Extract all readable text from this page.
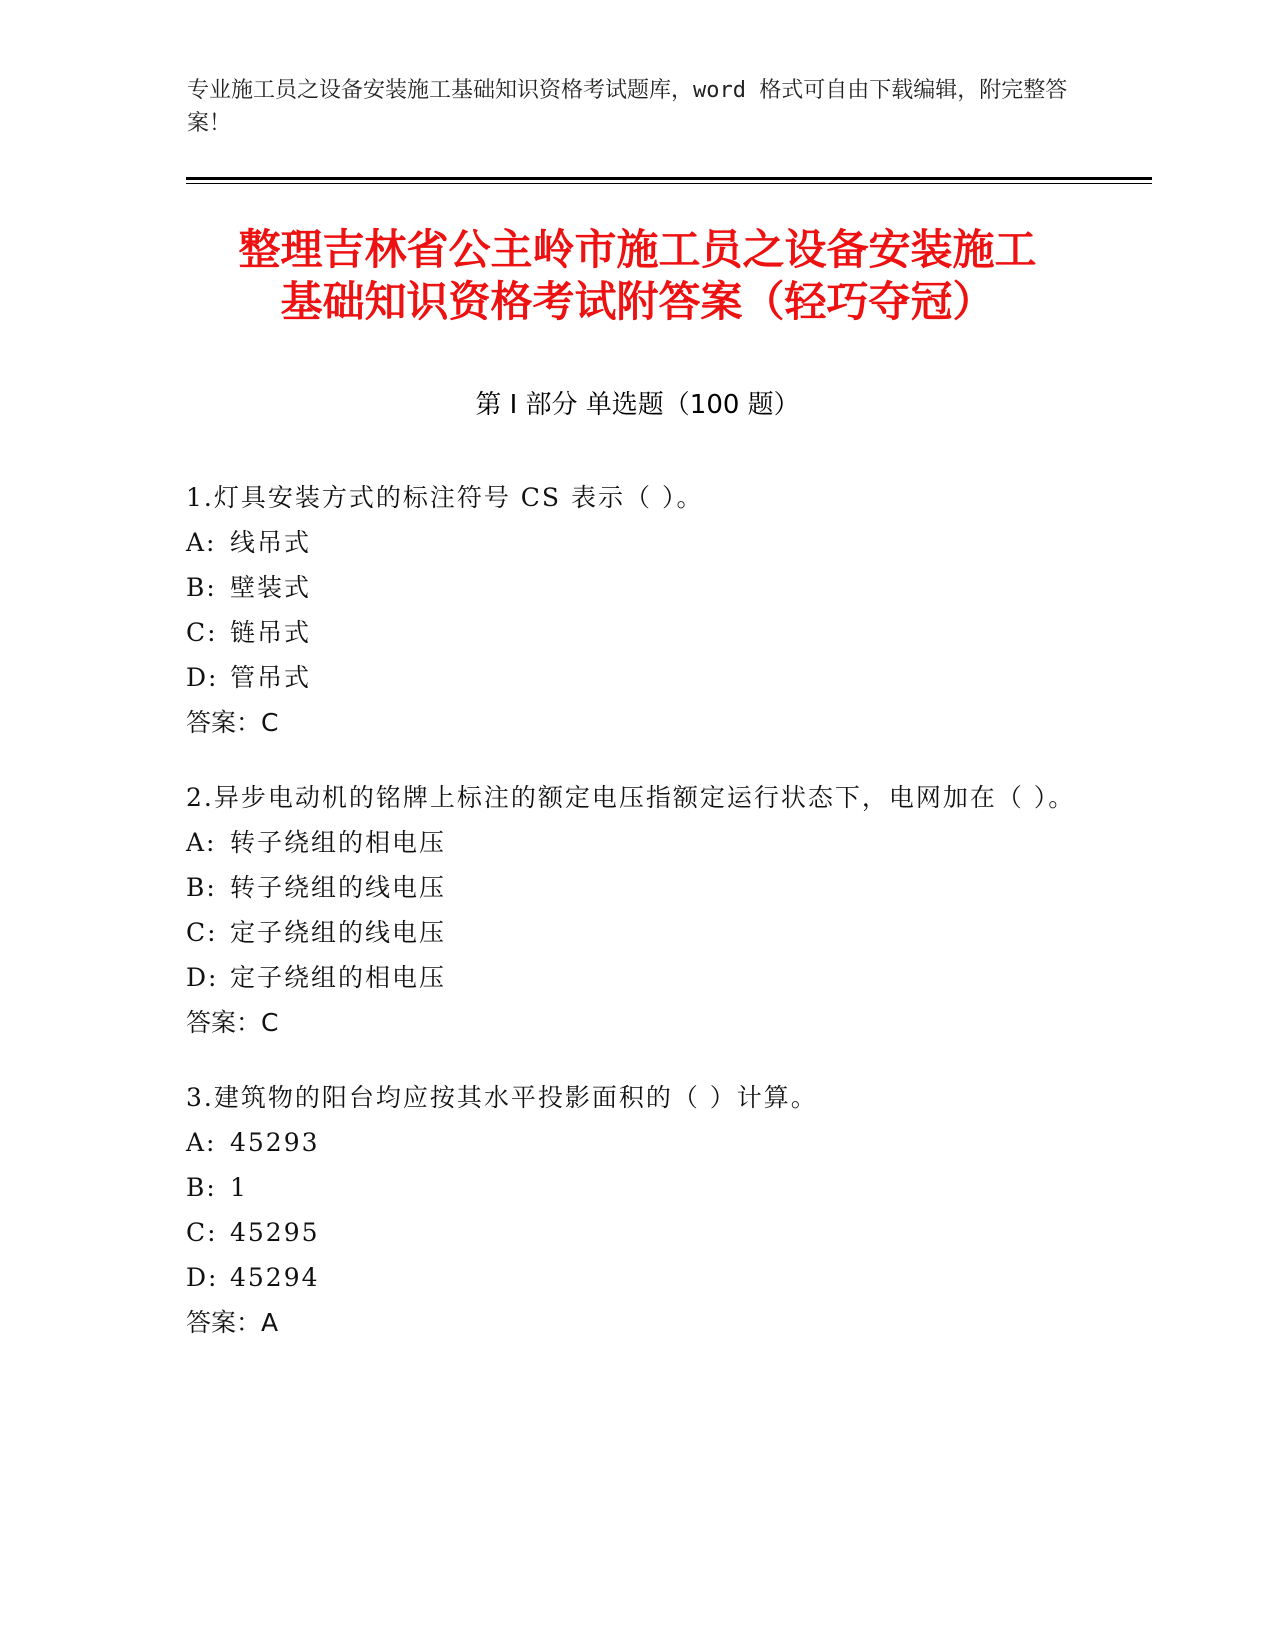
专业施工员之设备安装施工基础知识资格考试题库，word 格式可自由下载编辑，附完整答案！
整理吉林省公主岭市施工员之设备安装施工
基础知识资格考试附答案（轻巧夺冠）
第 I 部分 单选题（100 题）

1.灯具安装方式的标注符号 CS 表示（ ）。

A: 线吊式
B: 壁装式
C: 链吊式
D: 管吊式
答案：C

2.异步电动机的铭牌上标注的额定电压指额定运行状态下，电网加在（ ）。

A: 转子绕组的相电压
B: 转子绕组的线电压
C: 定子绕组的线电压
D: 定子绕组的相电压
答案：C

3.建筑物的阳台均应按其水平投影面积的（ ）计算。

A: 45293
B: 1
C: 45295
D: 45294
答案：A
